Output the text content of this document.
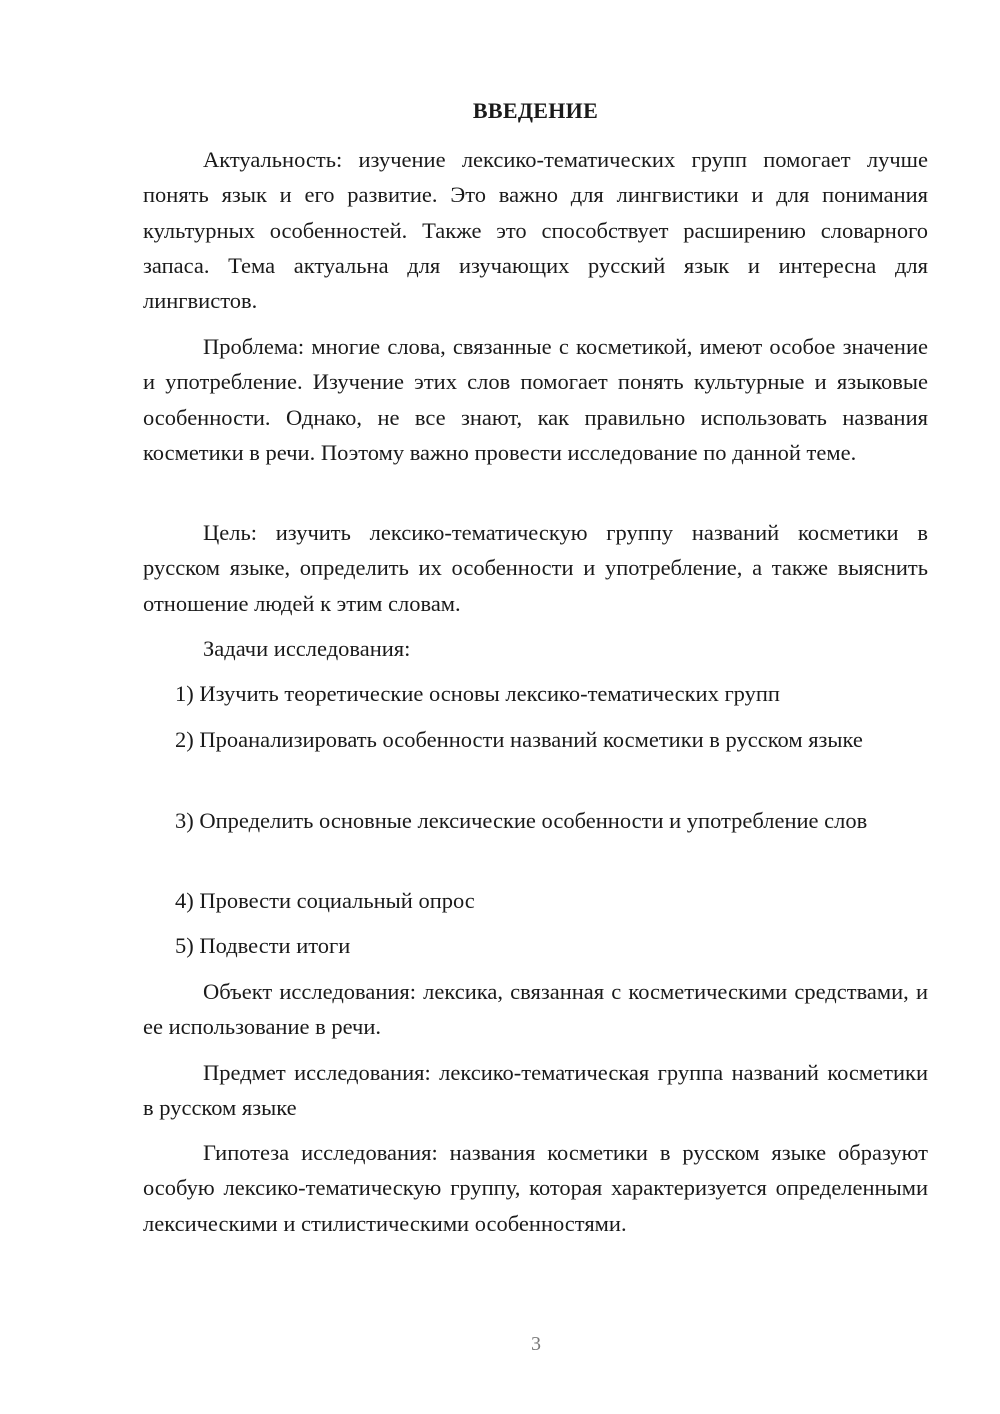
ВВЕДЕНИЕ

Актуальность: изучение лексико-тематических групп помогает лучше понять язык и его развитие. Это важно для лингвистики и для понимания культурных особенностей. Также это способствует расширению словарного запаса. Тема актуальна для изучающих русский язык и интересна для лингвистов.

Проблема: многие слова, связанные с косметикой, имеют особое значение и употребление. Изучение этих слов помогает понять культурные и языковые особенности. Однако, не все знают, как правильно использовать названия косметики в речи. Поэтому важно провести исследование по данной теме.

Цель: изучить лексико-тематическую группу названий косметики в русском языке, определить их особенности и употребление, а также выяснить отношение людей к этим словам.

Задачи исследования:

1) Изучить теоретические основы лексико-тематических групп

2) Проанализировать особенности названий косметики в русском языке

3) Определить основные лексические особенности и употребление слов

4) Провести социальный опрос

5) Подвести итоги

Объект исследования: лексика, связанная с косметическими средствами, и ее использование в речи.

Предмет исследования: лексико-тематическая группа названий косметики в русском языке

Гипотеза исследования: названия косметики в русском языке образуют особую лексико-тематическую группу, которая характеризуется определенными лексическими и стилистическими особенностями.

3
